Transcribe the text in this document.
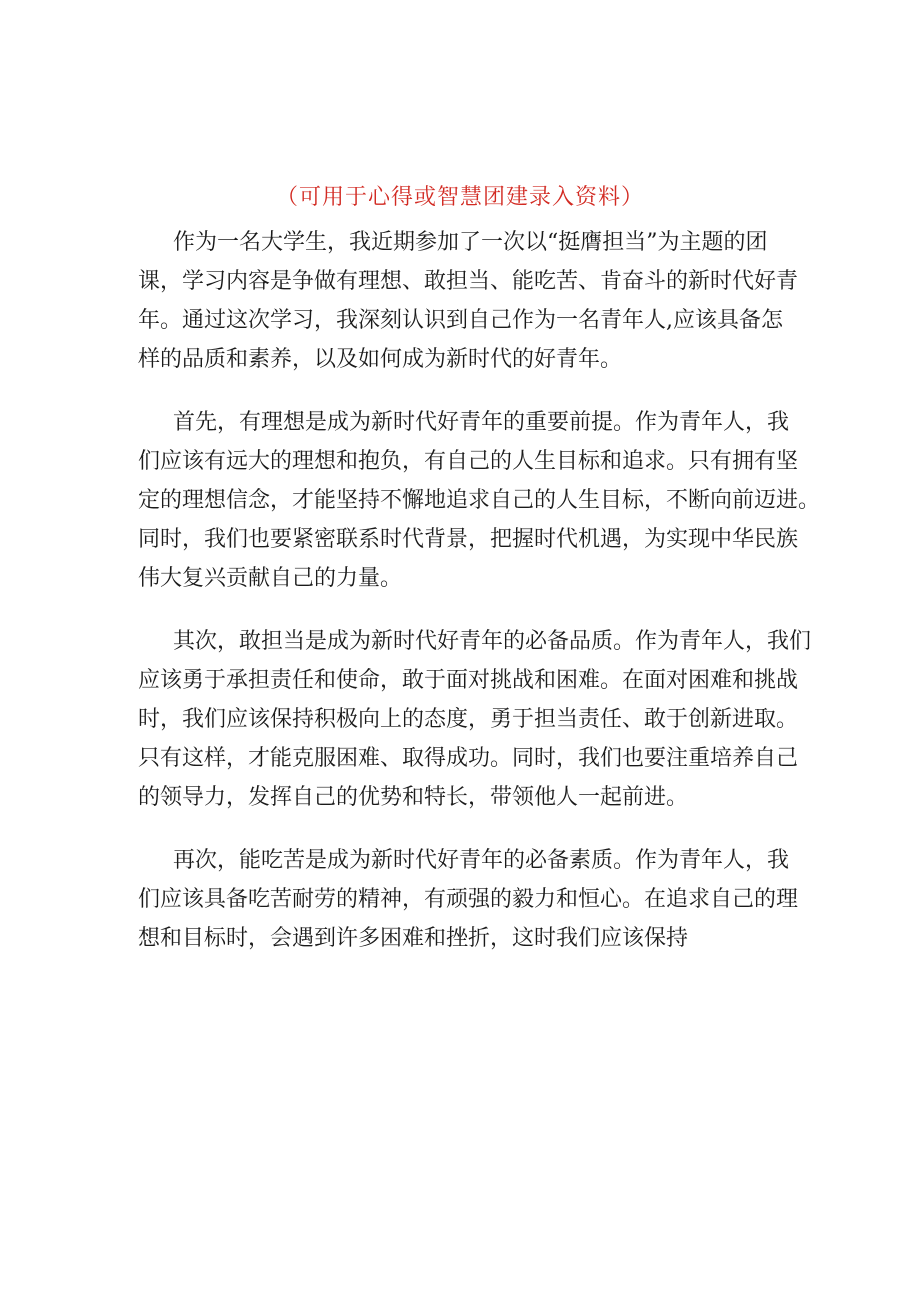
（可用于心得或智慧团建录入资料）
作为一名大学生，我近期参加了一次以“挺膺担当”为主题的团
课，学习内容是争做有理想、敢担当、能吃苦、肯奋斗的新时代好青
年。通过这次学习，我深刻认识到自己作为一名青年人,应该具备怎
样的品质和素养，以及如何成为新时代的好青年。
首先，有理想是成为新时代好青年的重要前提。作为青年人，我
们应该有远大的理想和抱负，有自己的人生目标和追求。只有拥有坚
定的理想信念，才能坚持不懈地追求自己的人生目标，不断向前迈进。
同时，我们也要紧密联系时代背景，把握时代机遇，为实现中华民族
伟大复兴贡献自己的力量。
其次，敢担当是成为新时代好青年的必备品质。作为青年人，我们
应该勇于承担责任和使命，敢于面对挑战和困难。在面对困难和挑战
时，我们应该保持积极向上的态度，勇于担当责任、敢于创新进取。
只有这样，才能克服困难、取得成功。同时，我们也要注重培养自己
的领导力，发挥自己的优势和特长，带领他人一起前进。
再次，能吃苦是成为新时代好青年的必备素质。作为青年人，我
们应该具备吃苦耐劳的精神，有顽强的毅力和恒心。在追求自己的理
想和目标时，会遇到许多困难和挫折，这时我们应该保持
